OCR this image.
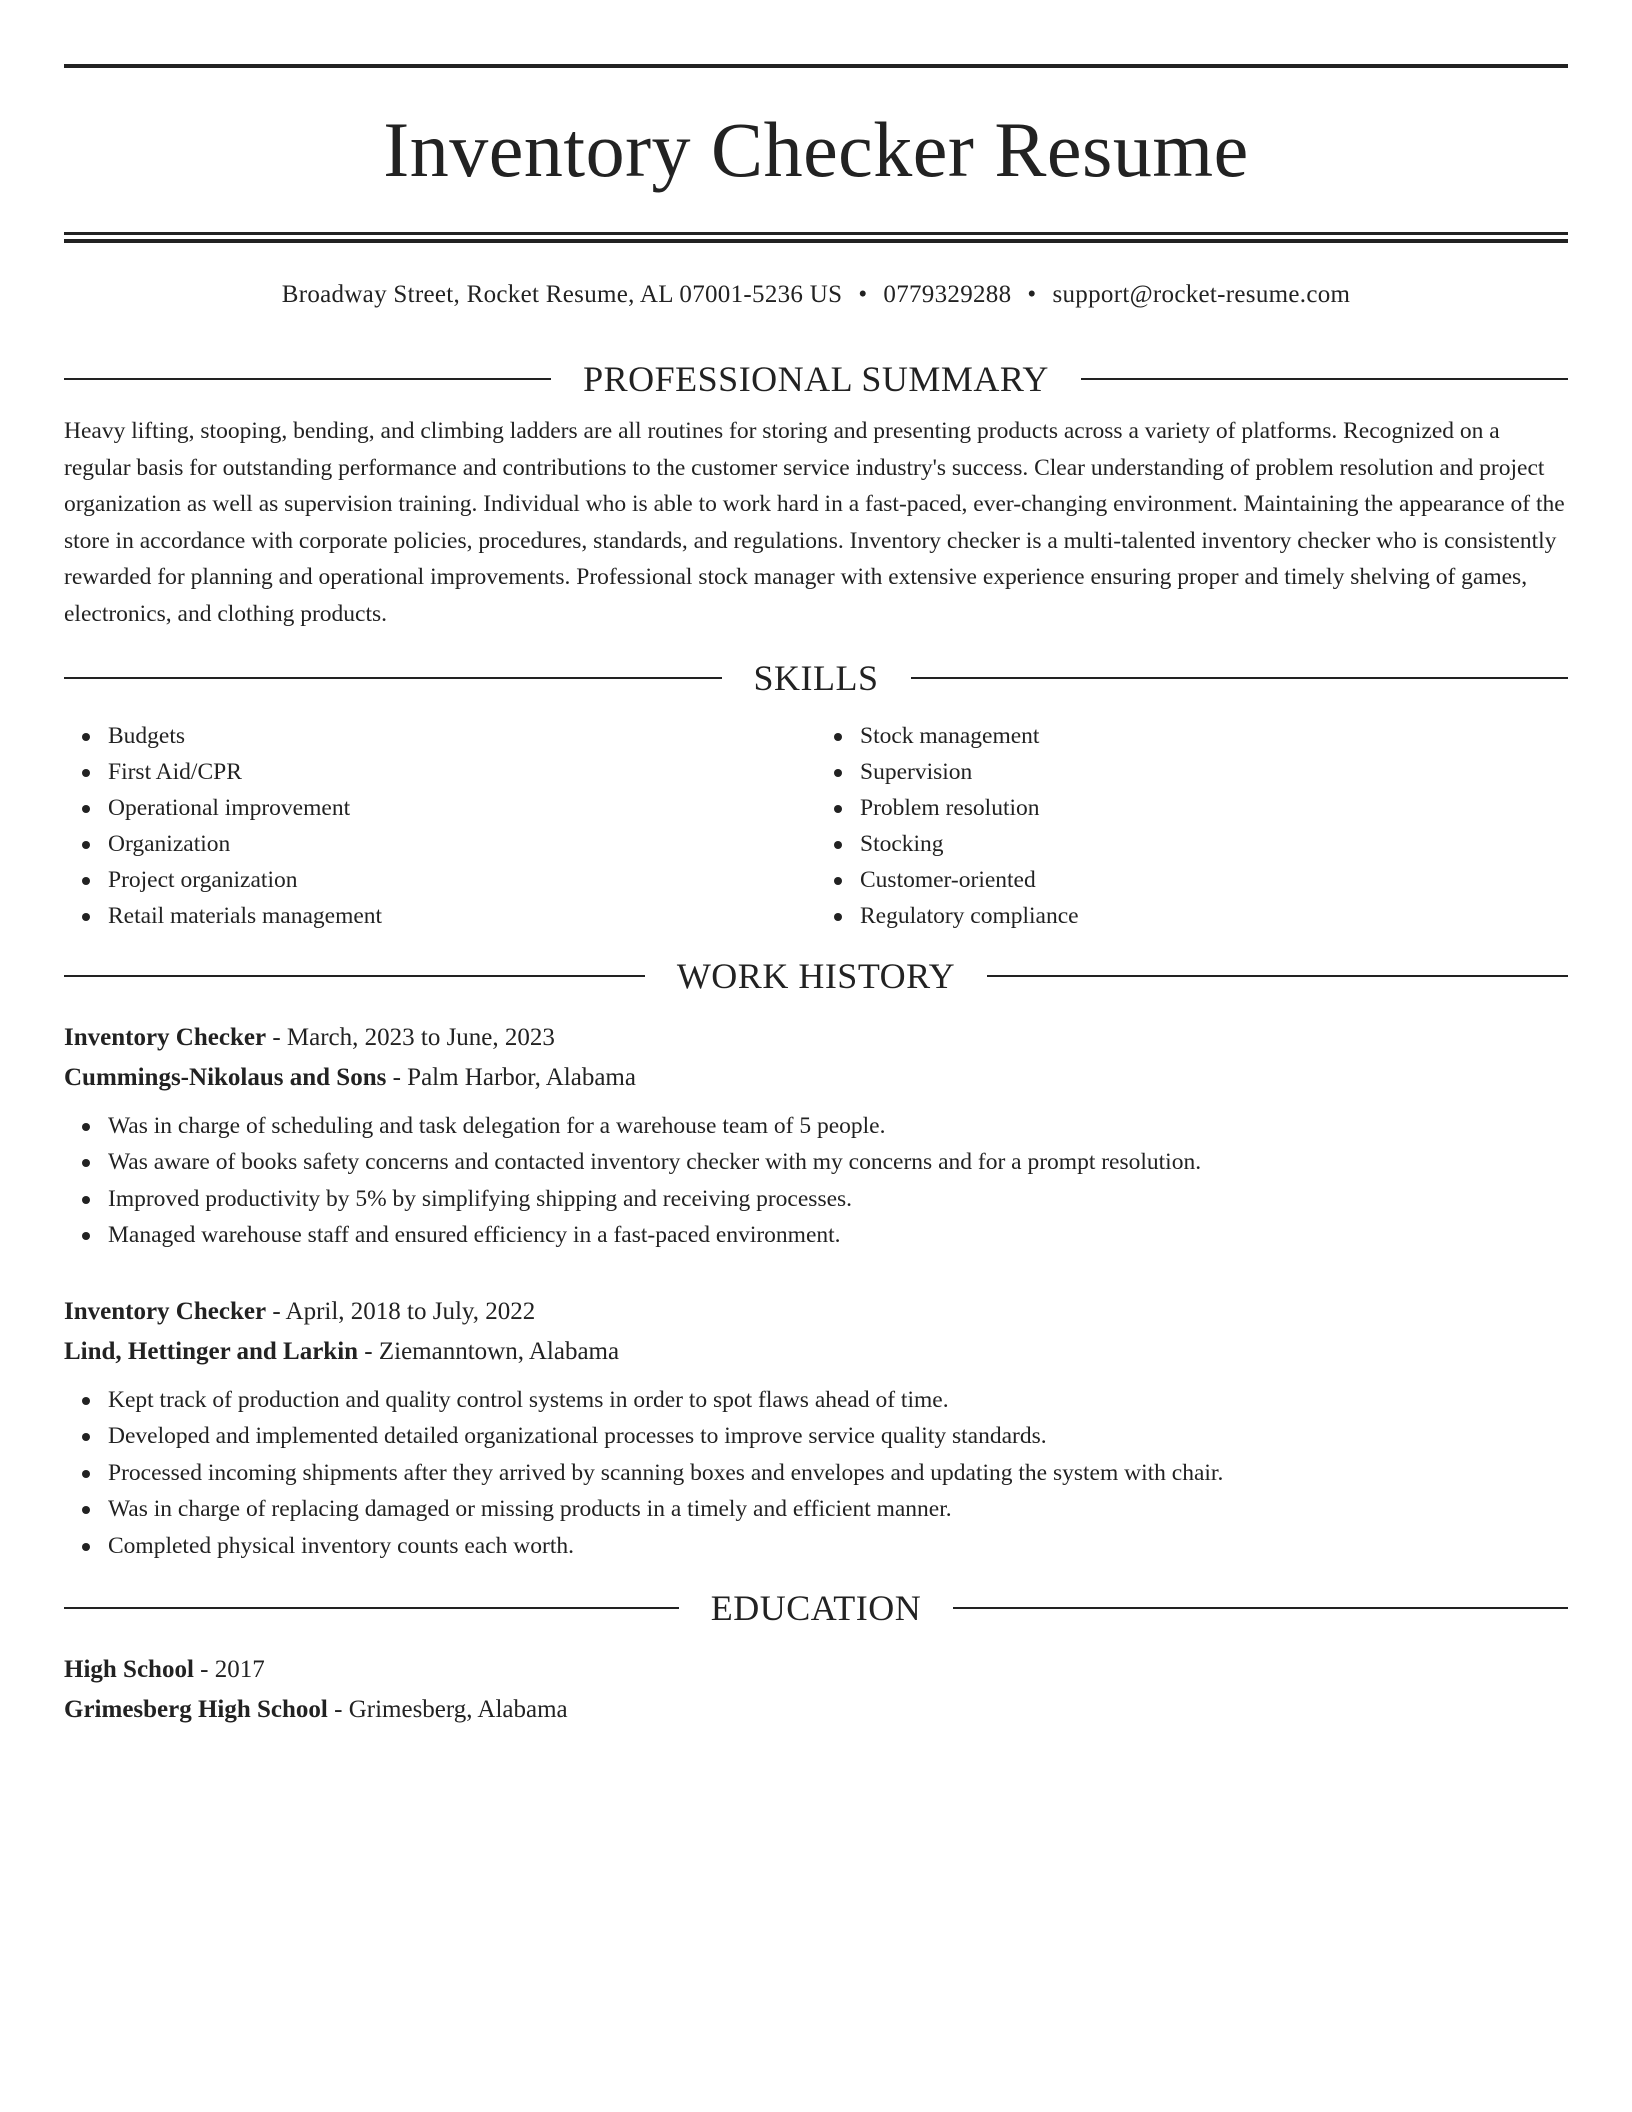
Inventory Checker Resume
Broadway Street, Rocket Resume, AL 07001-5236 US • 0779329288 • support@rocket-resume.com
PROFESSIONAL SUMMARY

Heavy lifting, stooping, bending, and climbing ladders are all routines for storing and presenting products across a variety of platforms. Recognized on a regular basis for outstanding performance and contributions to the customer service industry's success. Clear understanding of problem resolution and project organization as well as supervision training. Individual who is able to work hard in a fast-paced, ever-changing environment. Maintaining the appearance of the store in accordance with corporate policies, procedures, standards, and regulations. Inventory checker is a multi-talented inventory checker who is consistently rewarded for planning and operational improvements. Professional stock manager with extensive experience ensuring proper and timely shelving of games, electronics, and clothing products.

SKILLS
Budgets
First Aid/CPR
Operational improvement
Organization
Project organization
Retail materials management
Stock management
Supervision
Problem resolution
Stocking
Customer-oriented
Regulatory compliance
WORK HISTORY
Inventory Checker - March, 2023 to June, 2023
Cummings-Nikolaus and Sons - Palm Harbor, Alabama
Was in charge of scheduling and task delegation for a warehouse team of 5 people.
Was aware of books safety concerns and contacted inventory checker with my concerns and for a prompt resolution.
Improved productivity by 5% by simplifying shipping and receiving processes.
Managed warehouse staff and ensured efficiency in a fast-paced environment.
Inventory Checker - April, 2018 to July, 2022
Lind, Hettinger and Larkin - Ziemanntown, Alabama
Kept track of production and quality control systems in order to spot flaws ahead of time.
Developed and implemented detailed organizational processes to improve service quality standards.
Processed incoming shipments after they arrived by scanning boxes and envelopes and updating the system with chair.
Was in charge of replacing damaged or missing products in a timely and efficient manner.
Completed physical inventory counts each worth.
EDUCATION
High School - 2017
Grimesberg High School - Grimesberg, Alabama
